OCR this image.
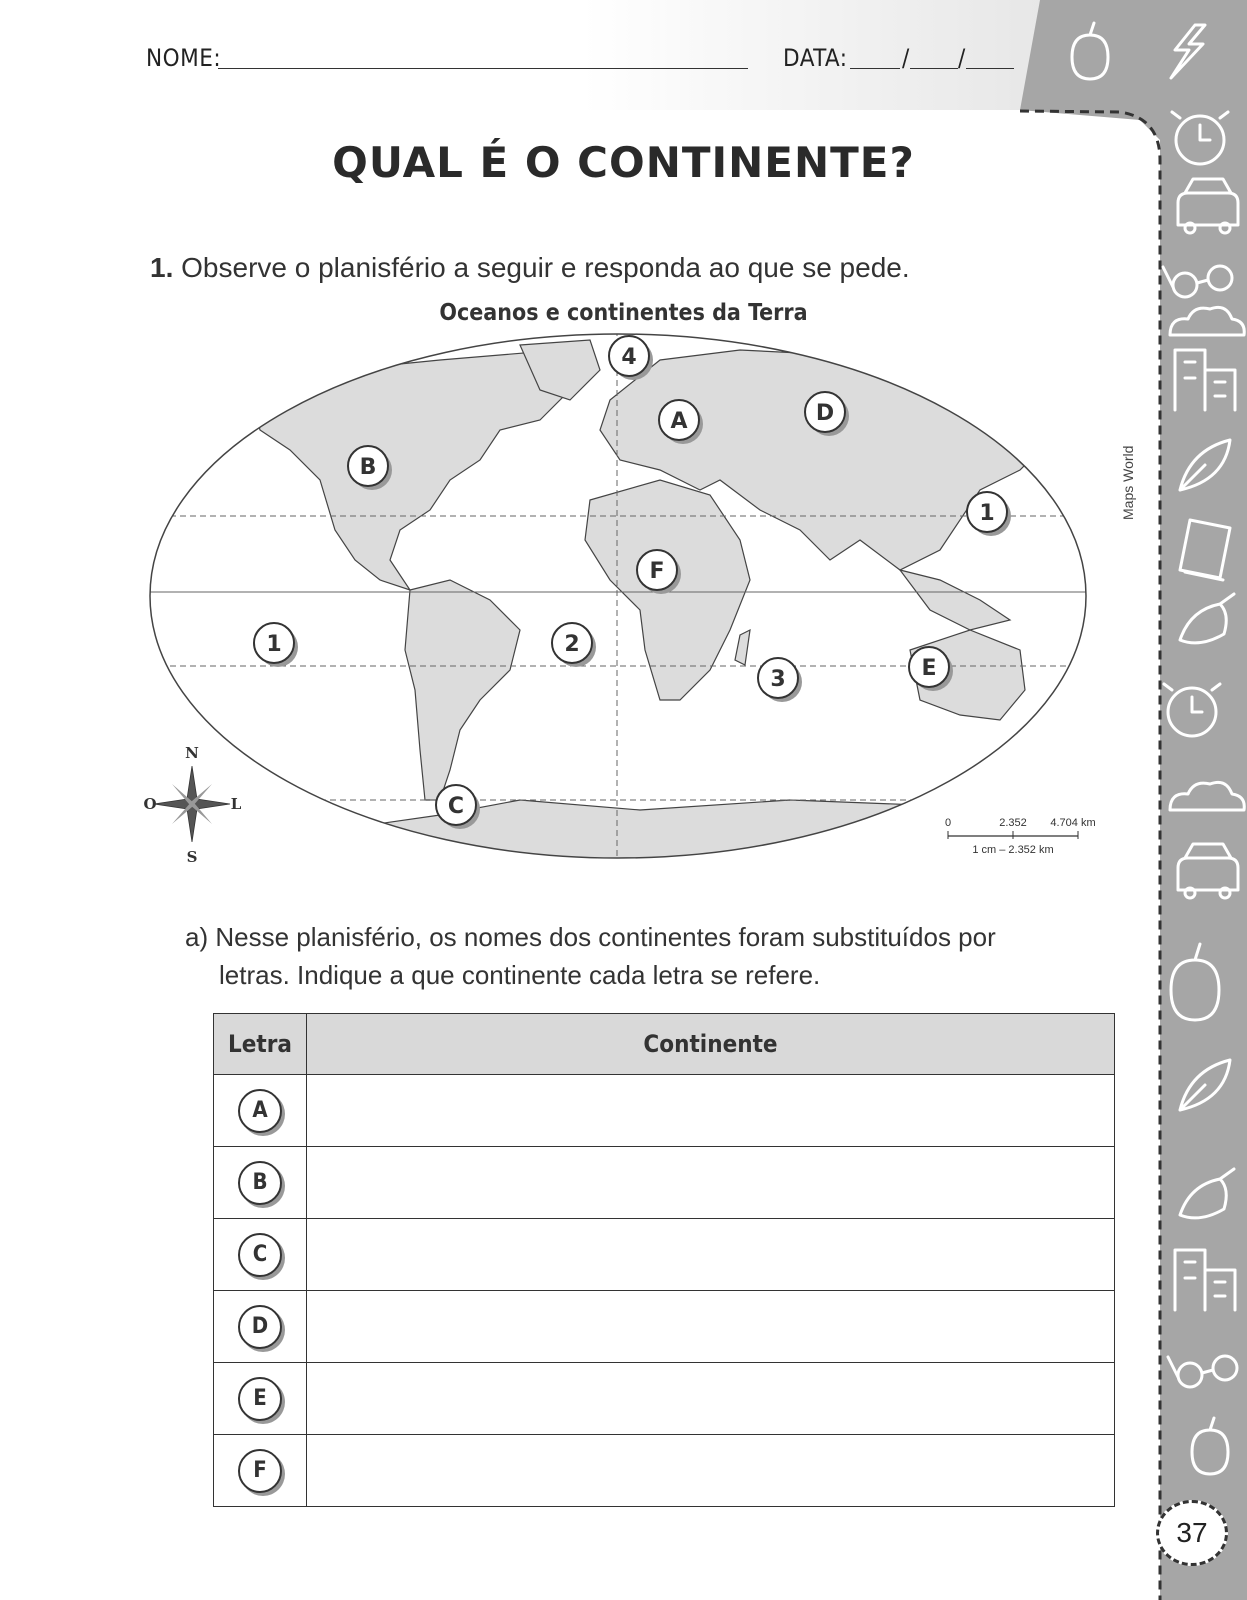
NOME:	DATA: / /
QUAL É O CONTINENTE?
1. Observe o planisfério a seguir e responda ao que se pede.
Oceanos e continentes da Terra
4
A	D
B
1
F
1	2
3	E
C
N
S
O	L
0	2.352 4.704 km
1 cm – 2.352 km
Maps World
a) Nesse planisfério, os nomes dos continentes foram substituídos por
letras. Indique a que continente cada letra se refere.
Letra	Continente
A	
B	
C	
D	
E	
F	
37
